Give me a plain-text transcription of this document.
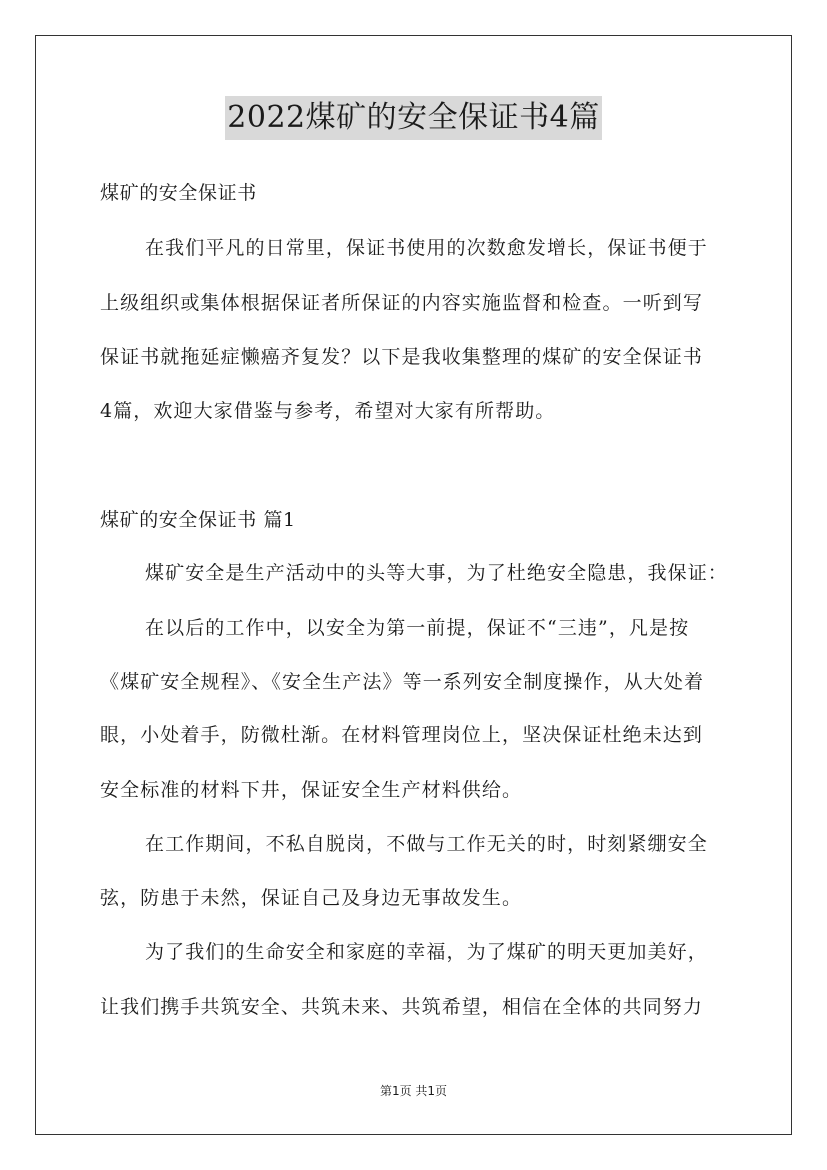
2022煤矿的安全保证书4篇
煤矿的安全保证书
在我们平凡的日常里，保证书使用的次数愈发增长，保证书便于
上级组织或集体根据保证者所保证的内容实施监督和检查。一听到写
保证书就拖延症懒癌齐复发？以下是我收集整理的煤矿的安全保证书
4篇，欢迎大家借鉴与参考，希望对大家有所帮助。
煤矿的安全保证书 篇1
煤矿安全是生产活动中的头等大事，为了杜绝安全隐患，我保证：
在以后的工作中，以安全为第一前提，保证不“三违”，凡是按
《煤矿安全规程》、《安全生产法》等一系列安全制度操作，从大处着
眼，小处着手，防微杜渐。在材料管理岗位上，坚决保证杜绝未达到
安全标准的材料下井，保证安全生产材料供给。
在工作期间，不私自脱岗，不做与工作无关的时，时刻紧绷安全
弦，防患于未然，保证自己及身边无事故发生。
为了我们的生命安全和家庭的幸福，为了煤矿的明天更加美好，
让我们携手共筑安全、共筑未来、共筑希望，相信在全体的共同努力
第1页 共1页
